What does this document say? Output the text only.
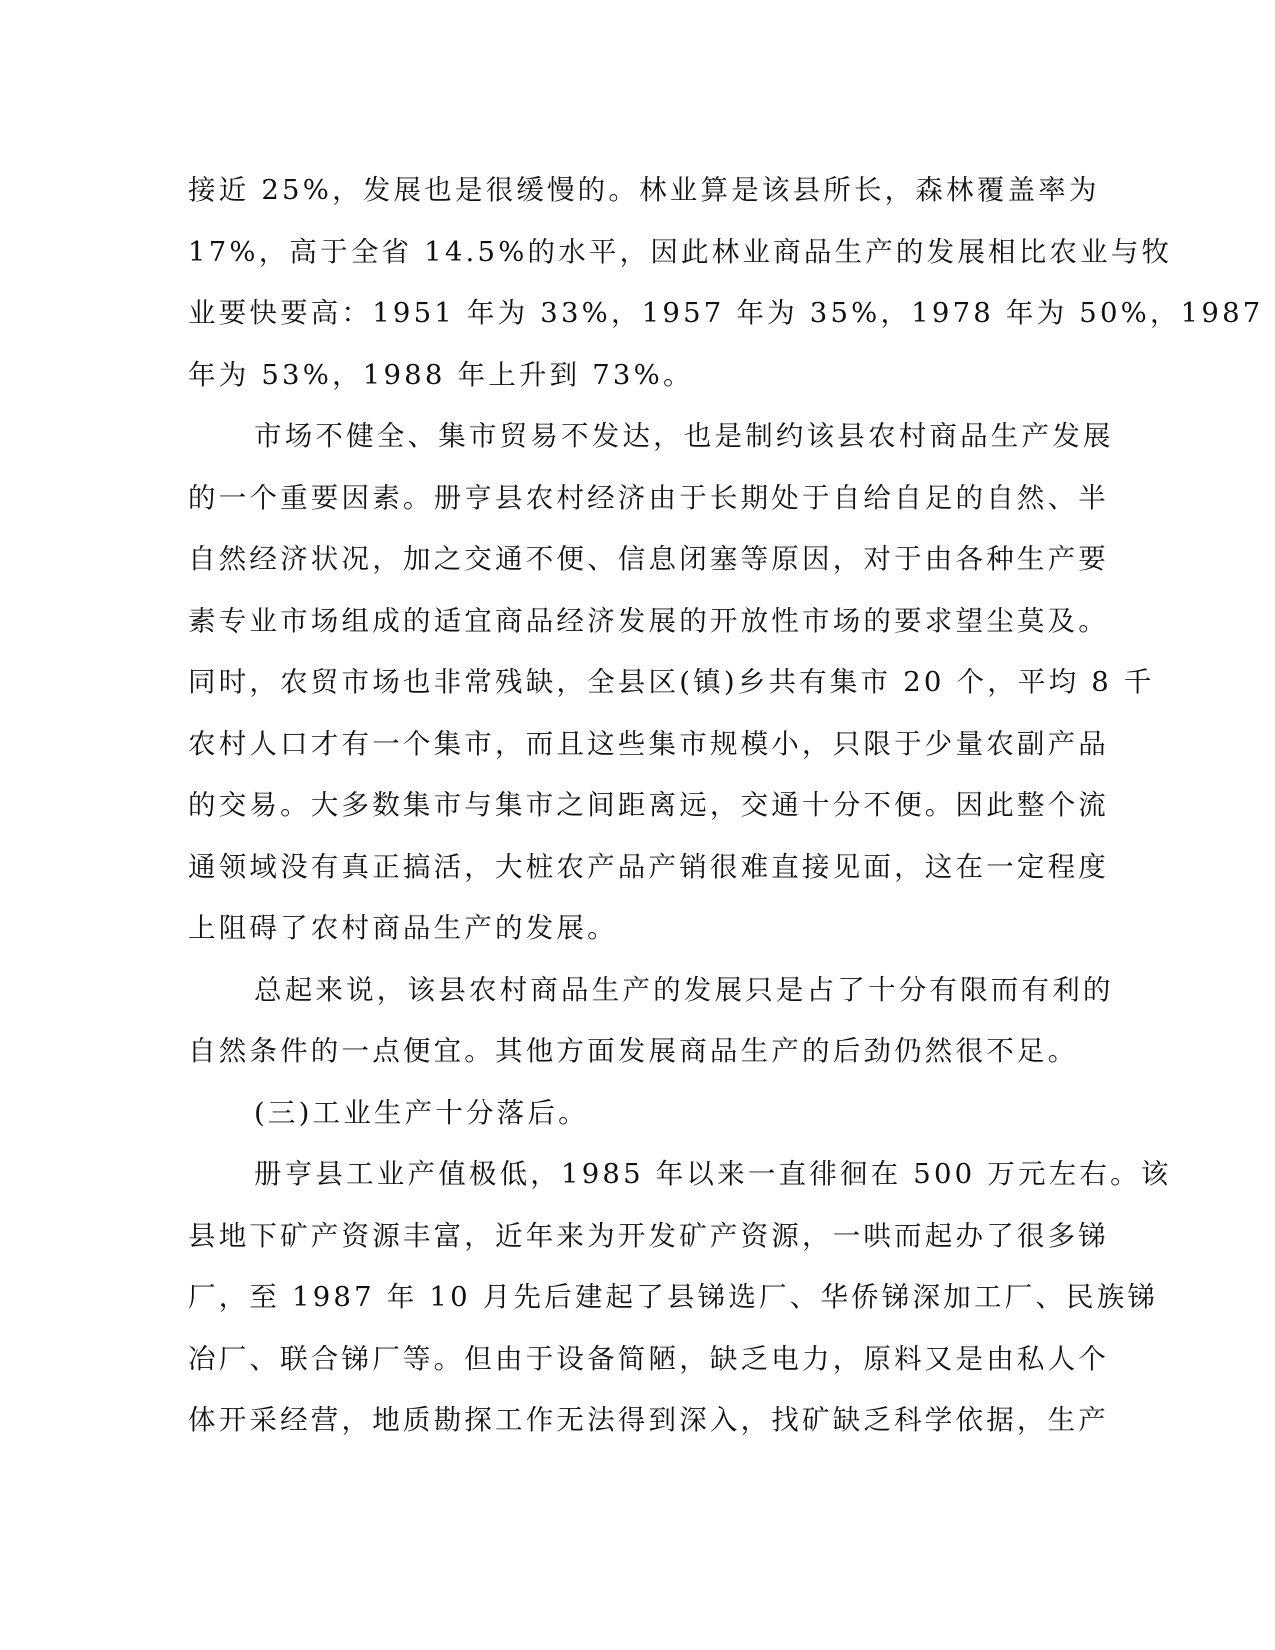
接近 25%，发展也是很缓慢的。林业算是该县所长，森林覆盖率为
17%，高于全省 14.5%的水平，因此林业商品生产的发展相比农业与牧
业要快要高：1951 年为 33%，1957 年为 35%，1978 年为 50%，1987
年为 53%，1988 年上升到 73%。
市场不健全、集市贸易不发达，也是制约该县农村商品生产发展
的一个重要因素。册亨县农村经济由于长期处于自给自足的自然、半
自然经济状况，加之交通不便、信息闭塞等原因，对于由各种生产要
素专业市场组成的适宜商品经济发展的开放性市场的要求望尘莫及。
同时，农贸市场也非常残缺，全县区(镇)乡共有集市 20 个，平均 8 千
农村人口才有一个集市，而且这些集市规模小，只限于少量农副产品
的交易。大多数集市与集市之间距离远，交通十分不便。因此整个流
通领域没有真正搞活，大桩农产品产销很难直接见面，这在一定程度
上阻碍了农村商品生产的发展。
总起来说，该县农村商品生产的发展只是占了十分有限而有利的
自然条件的一点便宜。其他方面发展商品生产的后劲仍然很不足。
(三)工业生产十分落后。
册亨县工业产值极低，1985 年以来一直徘徊在 500 万元左右。该
县地下矿产资源丰富，近年来为开发矿产资源，一哄而起办了很多锑
厂，至 1987 年 10 月先后建起了县锑选厂、华侨锑深加工厂、民族锑
冶厂、联合锑厂等。但由于设备简陋，缺乏电力，原料又是由私人个
体开采经营，地质勘探工作无法得到深入，找矿缺乏科学依据，生产
